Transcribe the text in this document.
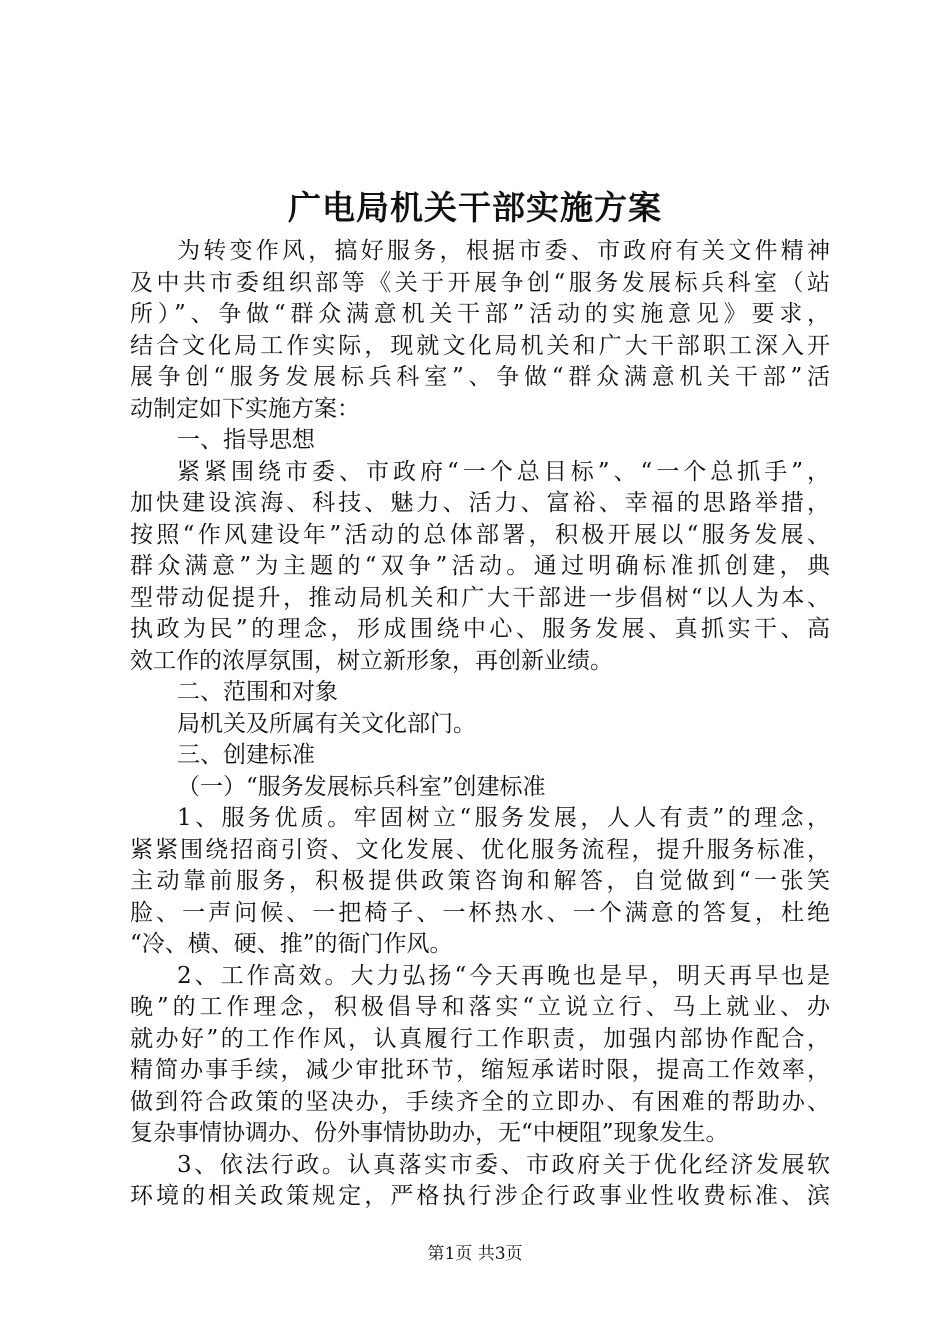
广电局机关干部实施方案
为转变作风，搞好服务，根据市委、市政府有关文件精神
及中共市委组织部等《关于开展争创“服务发展标兵科室（站
所）”、争做“群众满意机关干部”活动的实施意见》要求，
结合文化局工作实际，现就文化局机关和广大干部职工深入开
展争创“服务发展标兵科室”、争做“群众满意机关干部”活
动制定如下实施方案：
一、指导思想
紧紧围绕市委、市政府“一个总目标”、“一个总抓手”，
加快建设滨海、科技、魅力、活力、富裕、幸福的思路举措，
按照“作风建设年”活动的总体部署，积极开展以“服务发展、
群众满意”为主题的“双争”活动。通过明确标准抓创建，典
型带动促提升，推动局机关和广大干部进一步倡树“以人为本、
执政为民”的理念，形成围绕中心、服务发展、真抓实干、高
效工作的浓厚氛围，树立新形象，再创新业绩。
二、范围和对象
局机关及所属有关文化部门。
三、创建标准
（一）“服务发展标兵科室”创建标准
1、服务优质。牢固树立“服务发展，人人有责”的理念，
紧紧围绕招商引资、文化发展、优化服务流程，提升服务标准，
主动靠前服务，积极提供政策咨询和解答，自觉做到“一张笑
脸、一声问候、一把椅子、一杯热水、一个满意的答复，杜绝
“冷、横、硬、推”的衙门作风。
2、工作高效。大力弘扬“今天再晚也是早，明天再早也是
晚”的工作理念，积极倡导和落实“立说立行、马上就业、办
就办好”的工作作风，认真履行工作职责，加强内部协作配合，
精简办事手续，减少审批环节，缩短承诺时限，提高工作效率，
做到符合政策的坚决办，手续齐全的立即办、有困难的帮助办、
复杂事情协调办、份外事情协助办，无“中梗阻”现象发生。
3、依法行政。认真落实市委、市政府关于优化经济发展软
环境的相关政策规定，严格执行涉企行政事业性收费标准、滨
第1页 共3页
